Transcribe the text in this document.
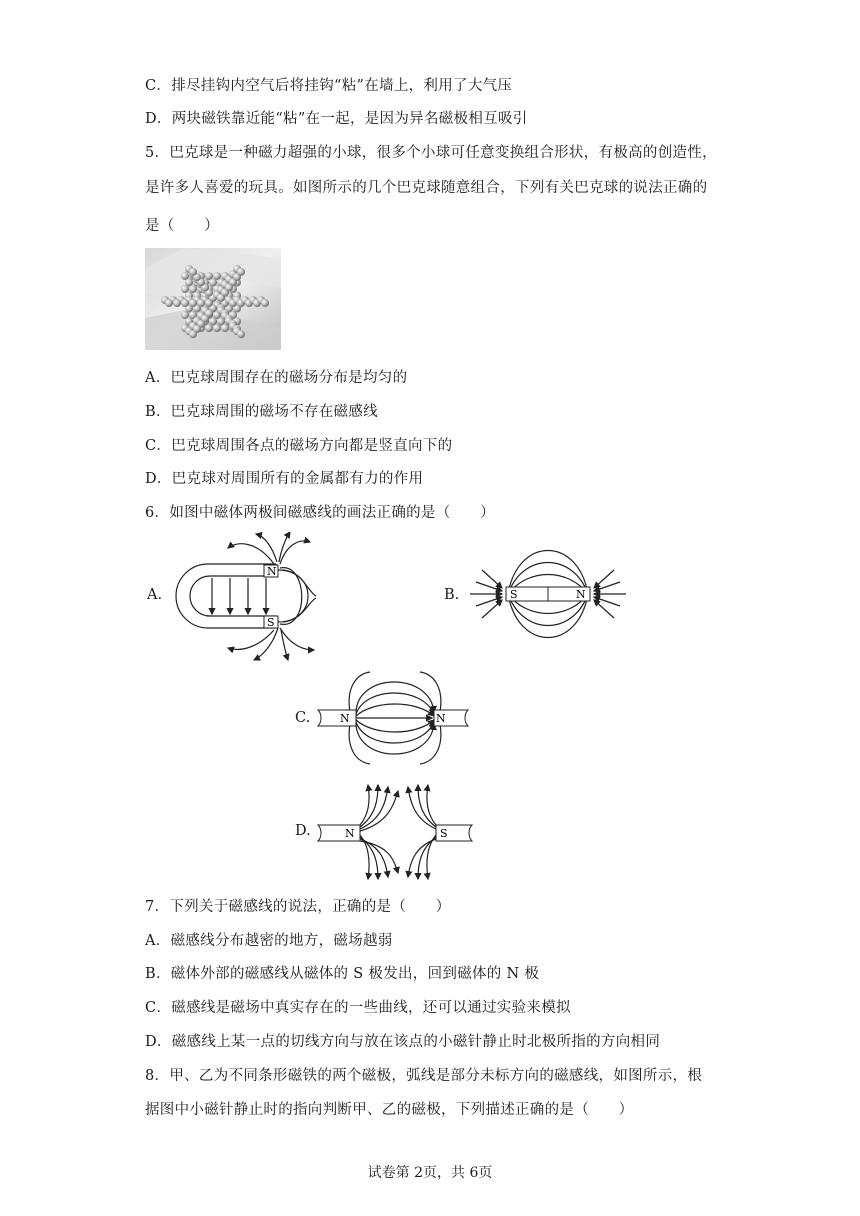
C．排尽挂钩内空气后将挂钩“粘”在墙上，利用了大气压
D．两块磁铁靠近能“粘”在一起，是因为异名磁极相互吸引
5．巴克球是一种磁力超强的小球，很多个小球可任意变换组合形状，有极高的创造性，
是许多人喜爱的玩具。如图所示的几个巴克球随意组合，下列有关巴克球的说法正确的
是（　　）
A．巴克球周围存在的磁场分布是均匀的
B．巴克球周围的磁场不存在磁感线
C．巴克球周围各点的磁场方向都是竖直向下的
D．巴克球对周围所有的金属都有力的作用
6．如图中磁体两极间磁感线的画法正确的是（　　）
A.
N
S
B.	S	N
C.	N	N
D.	N	S
7．下列关于磁感线的说法，正确的是（　　）
A．磁感线分布越密的地方，磁场越弱
B．磁体外部的磁感线从磁体的 S 极发出，回到磁体的 N 极
C．磁感线是磁场中真实存在的一些曲线，还可以通过实验来模拟
D．磁感线上某一点的切线方向与放在该点的小磁针静止时北极所指的方向相同
8．甲、乙为不同条形磁铁的两个磁极，弧线是部分未标方向的磁感线，如图所示，根
据图中小磁针静止时的指向判断甲、乙的磁极，下列描述正确的是（　　）
试卷第 2页，共 6页
